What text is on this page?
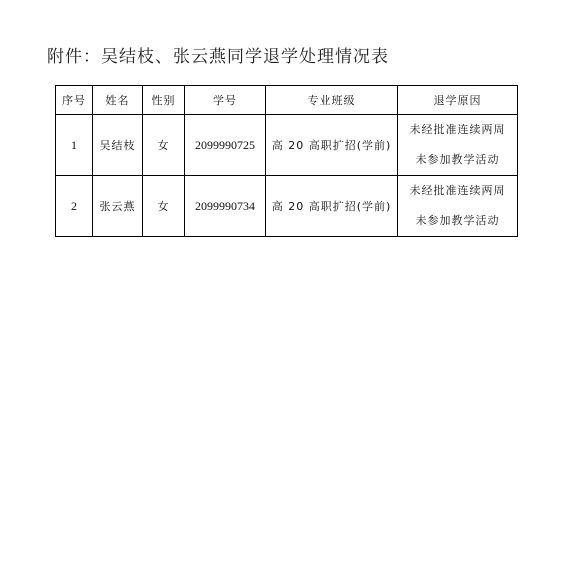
附件：吴结枝、张云燕同学退学处理情况表
序号	姓名	性别	学号	专业班级	退学原因
1	吴结枝	女	2099990725	高 20 高职扩招(学前)	未经批准连续两周
未参加教学活动

2	张云燕	女	2099990734	高 20 高职扩招(学前)	未经批准连续两周
未参加教学活动
